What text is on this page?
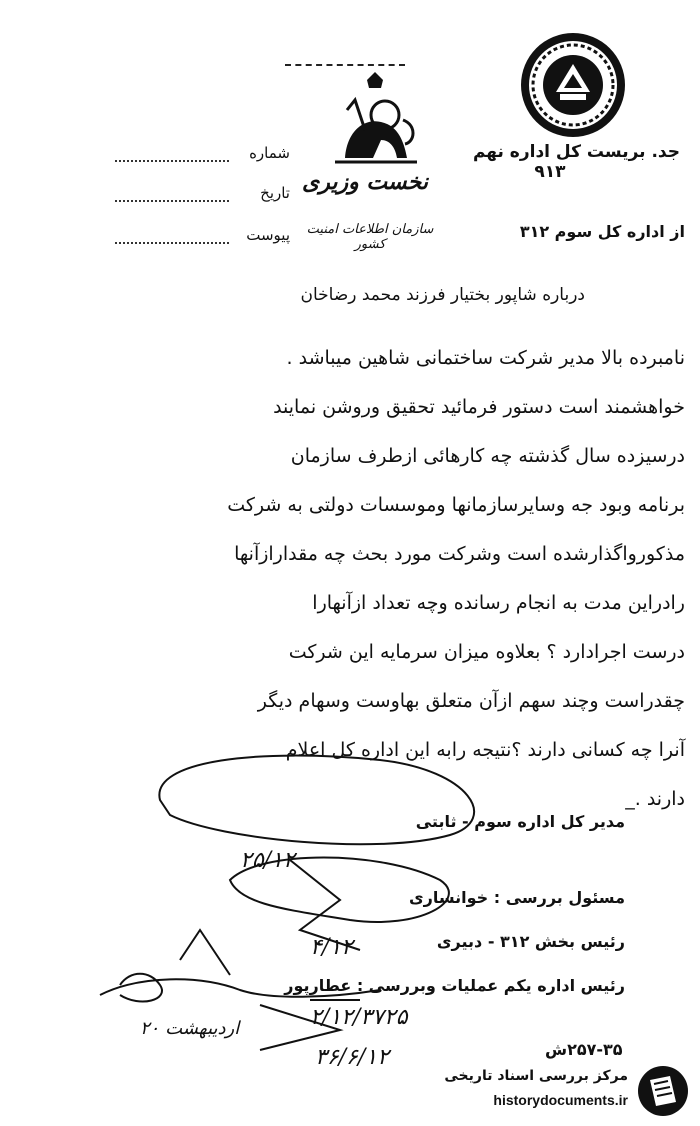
نخست وزیری
سازمان اطلاعات امنیت کشور
شماره
تاریخ
پیوست
جد. بریست کل اداره نهم
۹۱۳
از اداره کل سوم ۳۱۲
درباره شاپور بختیار فرزند محمد رضاخان

نامبرده بالا مدیر شرکت ساختمانی شاهین میباشد .

خواهشمند است دستور فرمائید تحقیق وروشن نمایند

درسیزده سال گذشته چه کارهائی ازطرف سازمان

برنامه وبود جه وسایرسازمانها وموسسات دولتی به شرکت

مذکورواگذارشده است وشرکت مورد بحث چه مقدارازآنها

رادراین مدت به انجام رسانده وچه تعداد ازآنهارا

درست اجرادارد ؟ بعلاوه میزان سرمایه این شرکت

چقدراست وچند سهم ازآن متعلق بهاوست وسهام دیگر

آنرا چه کسانی دارند ؟نتیجه رابه این اداره کل اعلام

دارند ._

مدیر کل اداره سوم - ثابتی
مسئول بررسی : خوانساری
رئیس بخش ۳۱۲ - دبیری
رئیس اداره یکم عملیات وبررسی : عطارپور
۲۵/۱۲
۴/۱۲
۲/۱۲/۳۷۲۵
۲۰ اردیبهشت
۳۶/۶/۱۲	۲۵۷-۳۵ش
مرکز بررسی اسناد تاریخی
historydocuments.ir
